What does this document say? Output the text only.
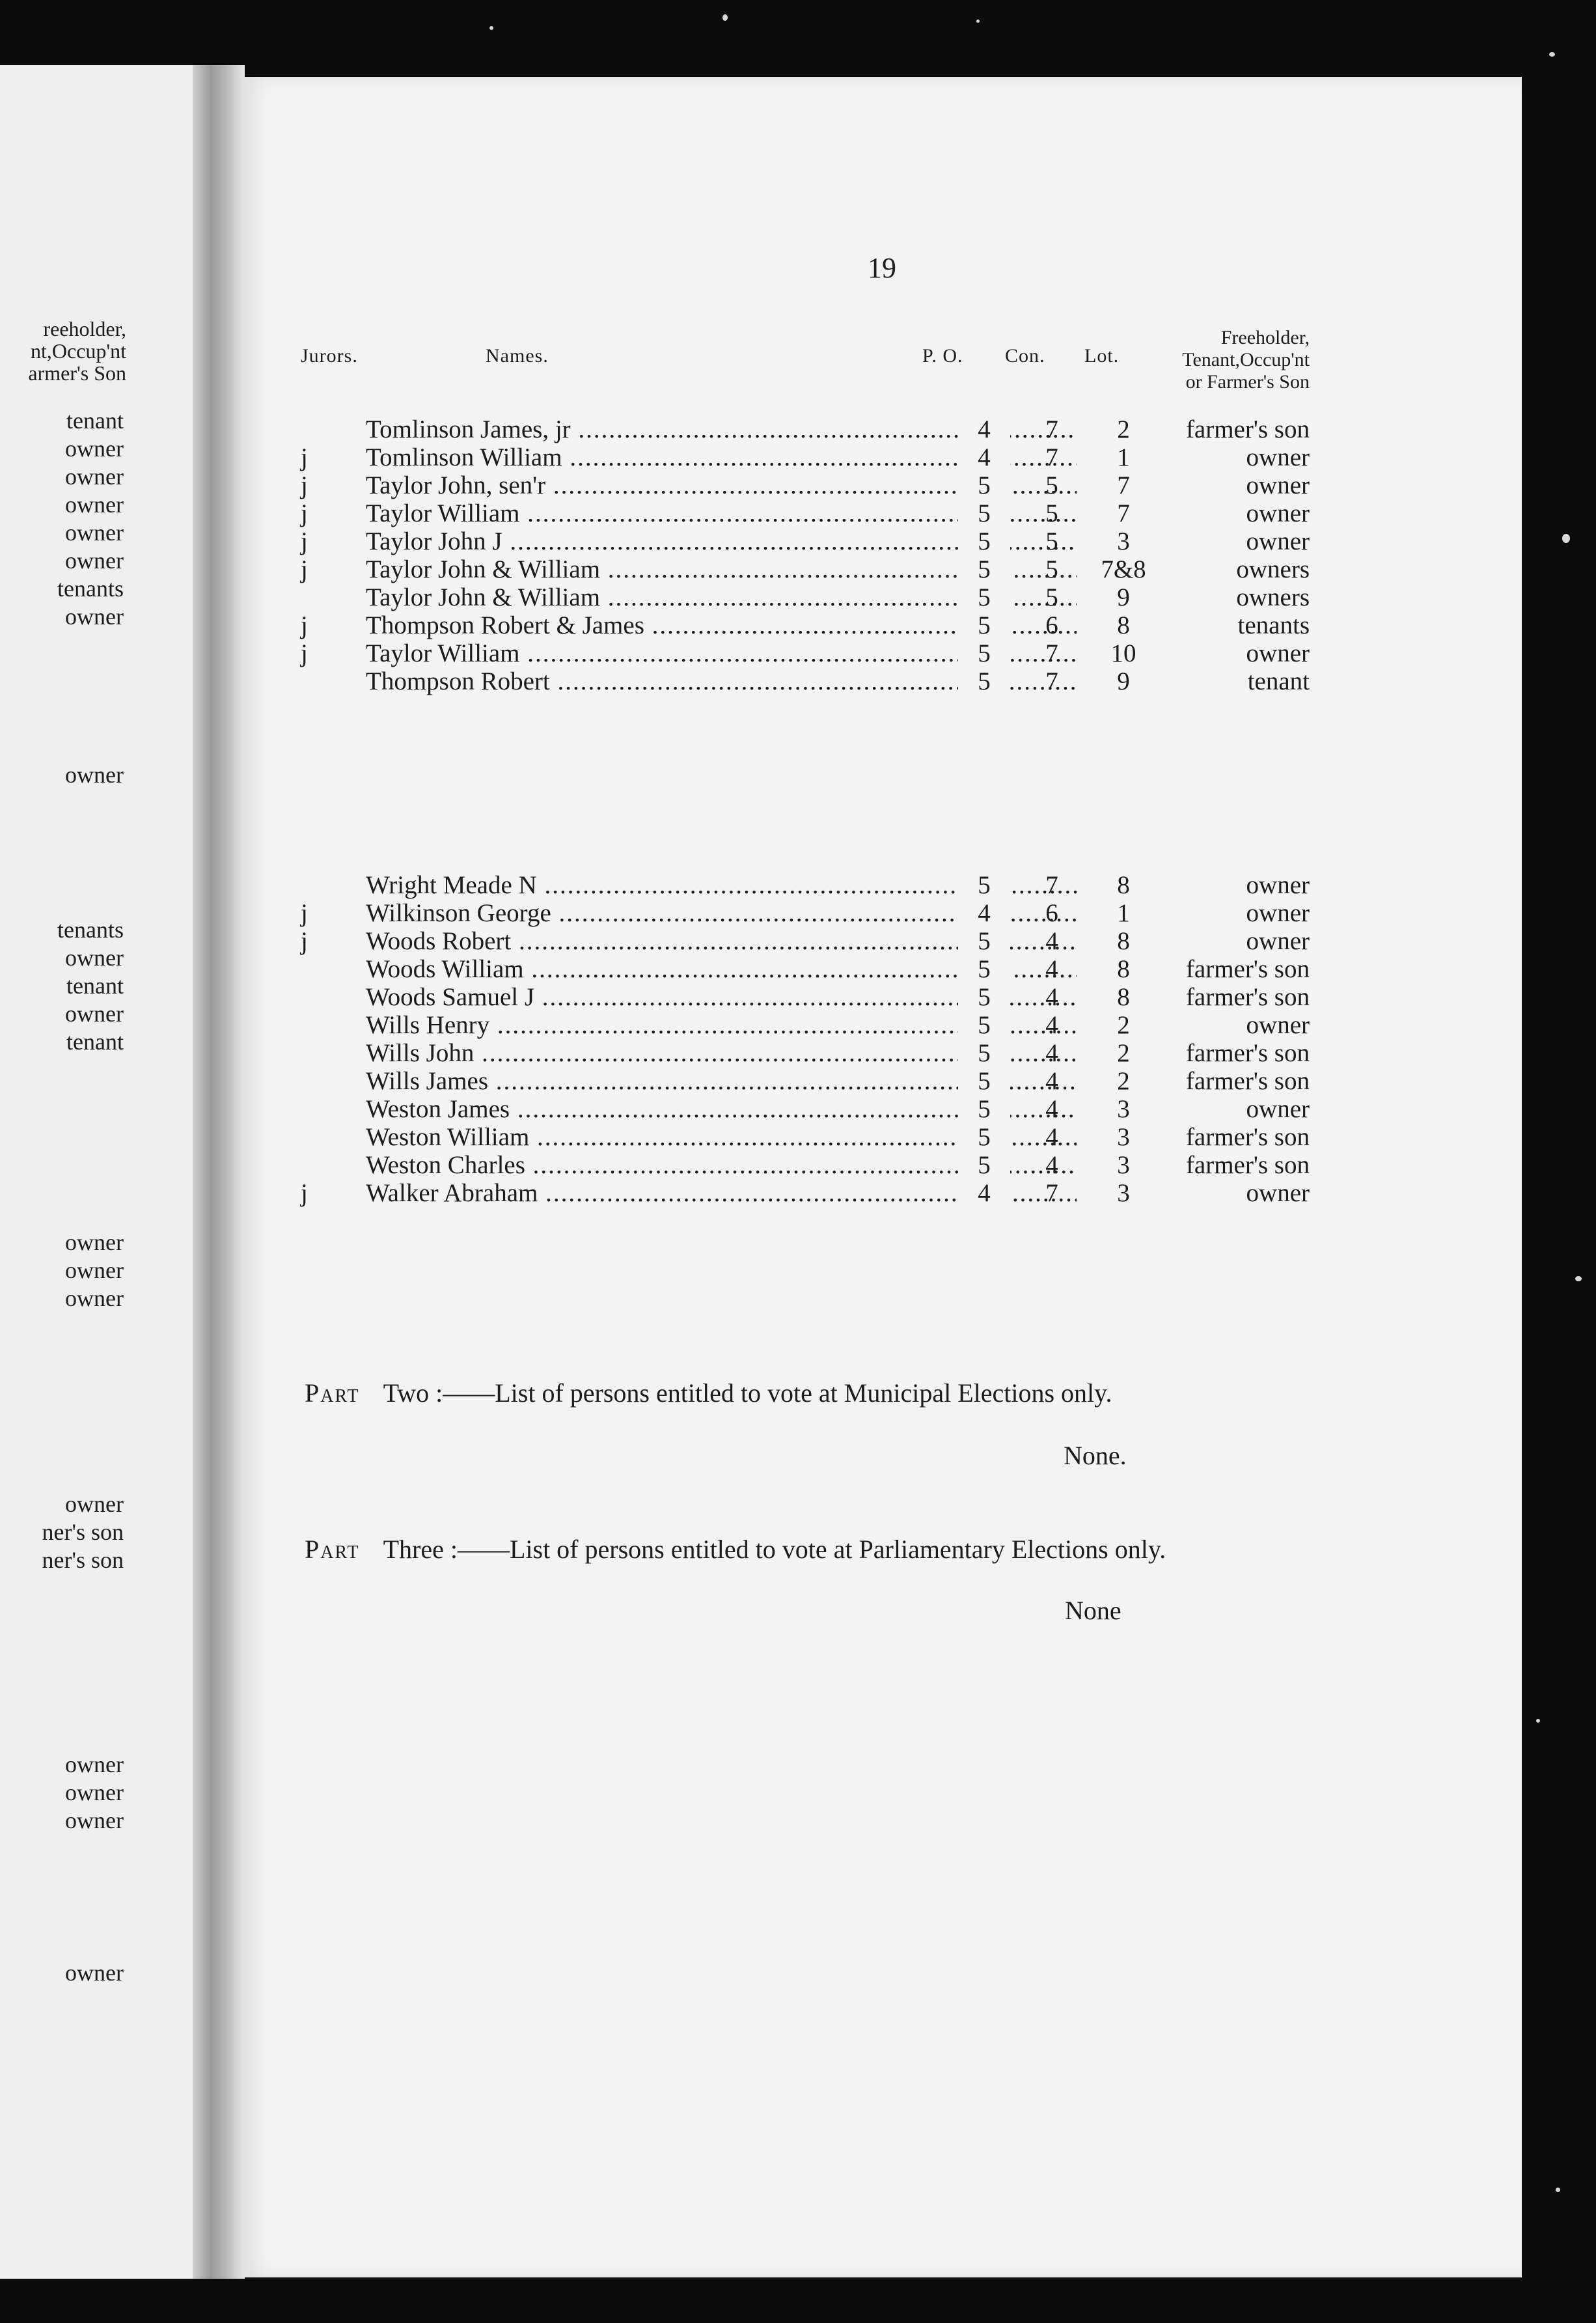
reeholder,
nt,Occup'nt
armer's Son
tenant
owner
owner
owner
owner
owner
tenants
owner
owner
tenants
owner
tenant
owner
tenant
owner
owner
owner
owner
ner's son
ner's son
owner
owner
owner
owner
19
Jurors.	Names.	P. O. Con. Lot.
Freeholder,
Tenant,Occup'nt
or Farmer's Son
Tomlinson James, jr .....	4	7	2	farmer's son
j Tomlinson William .....	4	7	1	owner
j Taylor John, sen'r .....	5	5	7	owner
j Taylor William .....	5	5	7	owner
j Taylor John J .....	5	5	3	owner
j Taylor John & William .....	5	5	7&8	owners
Taylor John & William .....	5	5	9	owners
j Thompson Robert & James .....	5	6	8	tenants
j Taylor William .....	5	7	10	owner
Thompson Robert .....	5	7	9	tenant
Wright Meade N .....	5	7	8	owner
j Wilkinson George .....	4	6	1	owner
j Woods Robert .....	5	4	8	owner
Woods William .....	5	4	8	farmer's son
Woods Samuel J .....	5	4	8	farmer's son
Wills Henry .....	5	4	2	owner
Wills John .....	5	4	2	farmer's son
Wills James .....	5	4	2	farmer's son
Weston James .....	5	4	3	owner
Weston William .....	5	4	3	farmer's son
Weston Charles .....	5	4	3	farmer's son
j Walker Abraham .....	4	7	3	owner
Part Two :——List of persons entitled to vote at Municipal Elections only.
None.
Part Three :——List of persons entitled to vote at Parliamentary Elections only.
None
